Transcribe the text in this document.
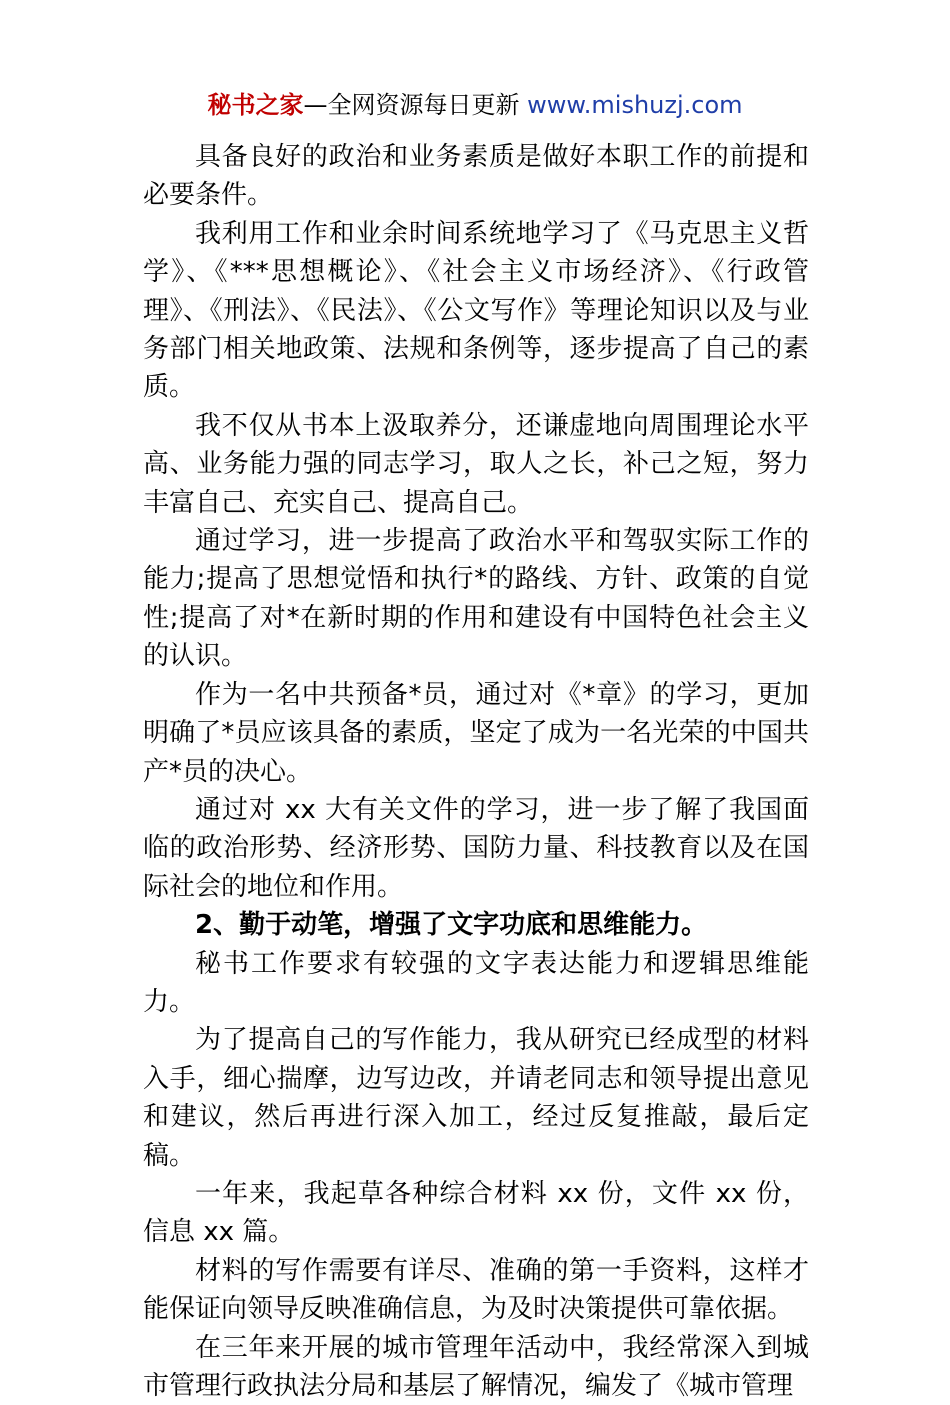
秘书之家—全网资源每日更新 www.mishuzj.com

具备良好的政治和业务素质是做好本职工作的前提和必要条件。

我利用工作和业余时间系统地学习了《马克思主义哲学》、《***思想概论》、《社会主义市场经济》、《行政管理》、《刑法》、《民法》、《公文写作》等理论知识以及与业务部门相关地政策、法规和条例等，逐步提高了自己的素质。

我不仅从书本上汲取养分，还谦虚地向周围理论水平高、业务能力强的同志学习，取人之长，补己之短，努力丰富自己、充实自己、提高自己。

通过学习，进一步提高了政治水平和驾驭实际工作的能力;提高了思想觉悟和执行*的路线、方针、政策的自觉性;提高了对*在新时期的作用和建设有中国特色社会主义的认识。

作为一名中共预备*员，通过对《*章》的学习，更加明确了*员应该具备的素质，坚定了成为一名光荣的中国共产*员的决心。

通过对 xx 大有关文件的学习，进一步了解了我国面临的政治形势、经济形势、国防力量、科技教育以及在国际社会的地位和作用。

2、勤于动笔，增强了文字功底和思维能力。

秘书工作要求有较强的文字表达能力和逻辑思维能力。

为了提高自己的写作能力，我从研究已经成型的材料入手，细心揣摩，边写边改，并请老同志和领导提出意见和建议，然后再进行深入加工，经过反复推敲，最后定稿。

一年来，我起草各种综合材料 xx 份，文件 xx 份，信息 xx 篇。

材料的写作需要有详尽、准确的第一手资料，这样才能保证向领导反映准确信息，为及时决策提供可靠依据。

在三年来开展的城市管理年活动中，我经常深入到城市管理行政执法分局和基层了解情况，编发了《城市管理
